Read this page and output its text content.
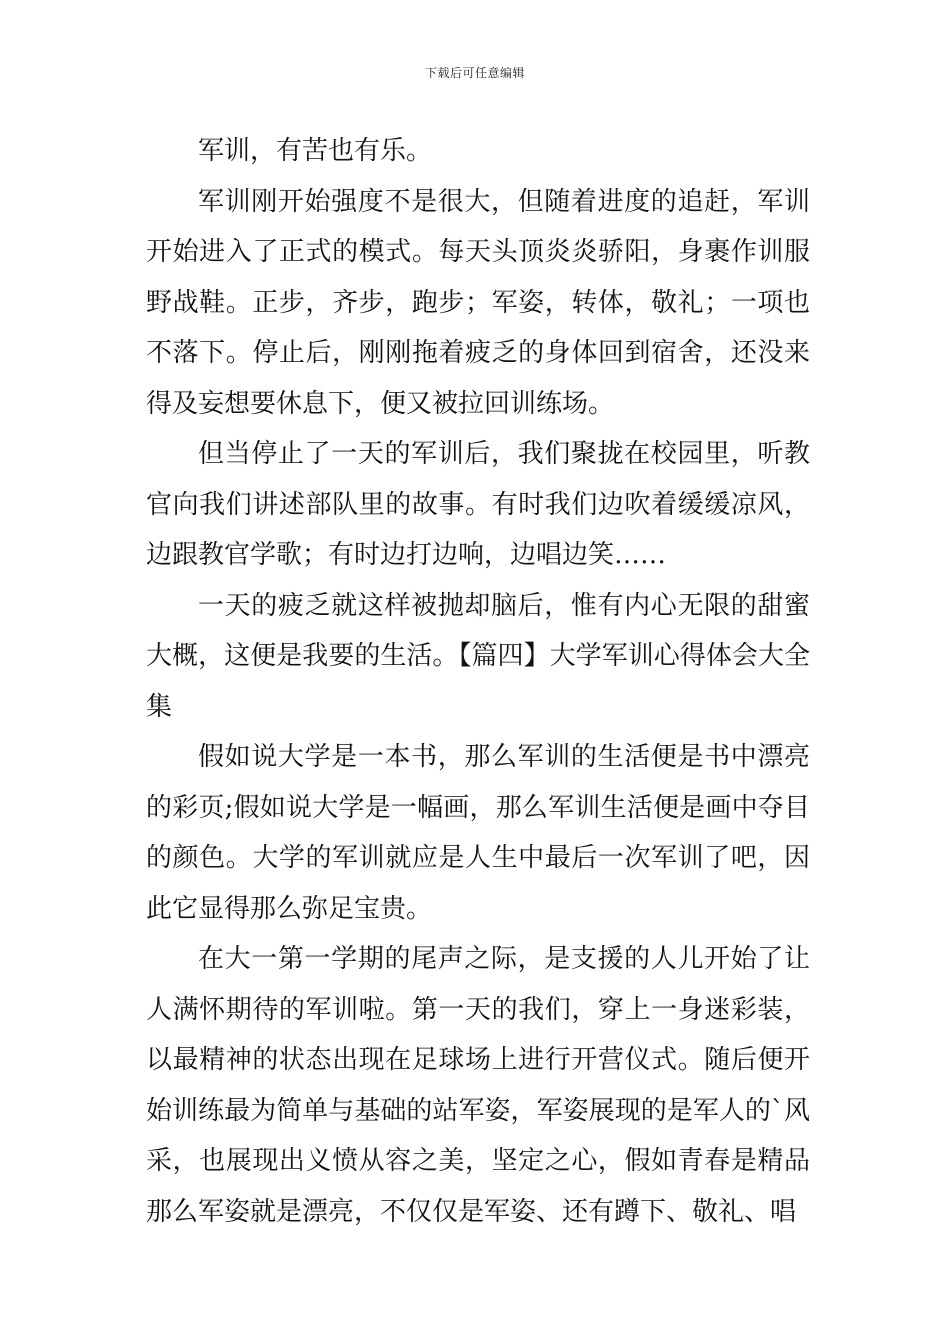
下载后可任意编辑

军训，有苦也有乐。

军训刚开始强度不是很大，但随着进度的追赶，军训开始进入了正式的模式。每天头顶炎炎骄阳，身裹作训服野战鞋。正步，齐步，跑步；军姿，转体，敬礼；一项也不落下。停止后，刚刚拖着疲乏的身体回到宿舍，还没来得及妄想要休息下，便又被拉回训练场。

但当停止了一天的军训后，我们聚拢在校园里，听教官向我们讲述部队里的故事。有时我们边吹着缓缓凉风，边跟教官学歌；有时边打边响，边唱边笑……

一天的疲乏就这样被抛却脑后，惟有内心无限的甜蜜大概，这便是我要的生活。【篇四】大学军训心得体会大全集

假如说大学是一本书，那么军训的生活便是书中漂亮的彩页;假如说大学是一幅画，那么军训生活便是画中夺目的颜色。大学的军训就应是人生中最后一次军训了吧，因此它显得那么弥足宝贵。

在大一第一学期的尾声之际，是支援的人儿开始了让人满怀期待的军训啦。第一天的我们，穿上一身迷彩装，以最精神的状态出现在足球场上进行开营仪式。随后便开始训练最为简单与基础的站军姿，军姿展现的是军人的`风采，也展现出义愤从容之美，坚定之心，假如青春是精品那么军姿就是漂亮，不仅仅是军姿、还有蹲下、敬礼、唱
